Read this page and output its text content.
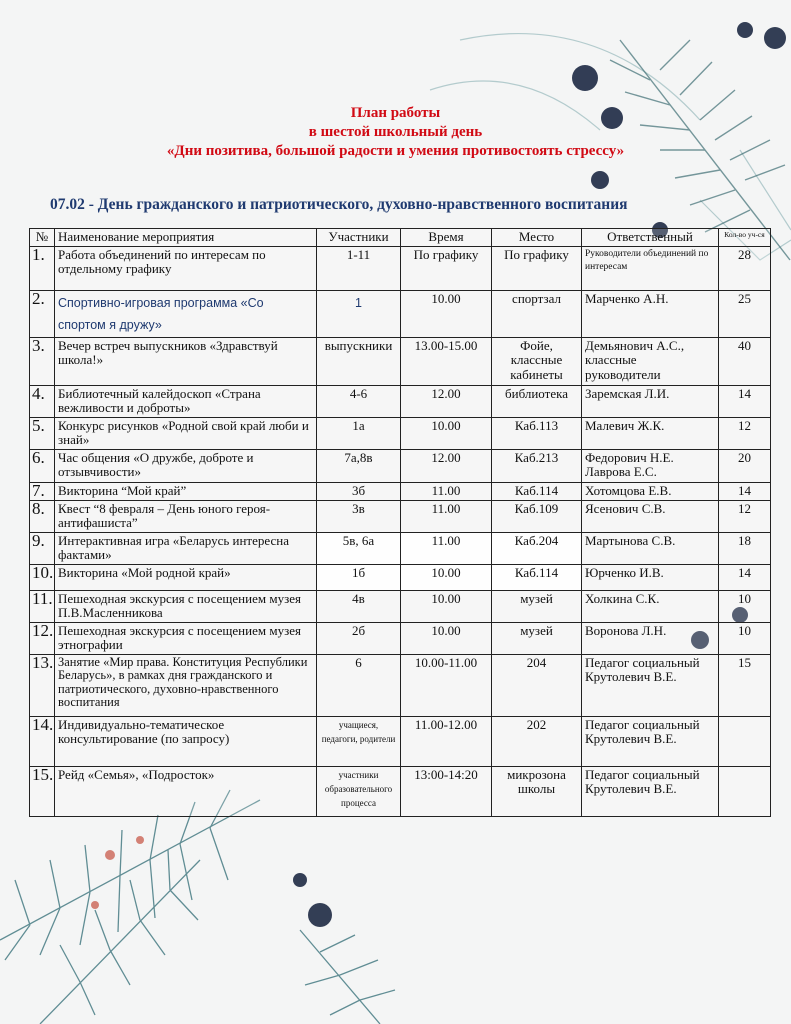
План работы
в шестой школьный день
«Дни позитива, большой радости и умения противостоять стрессу»
07.02 - День гражданского и патриотического, духовно-нравственного воспитания
№	Наименование мероприятия	Участники	Время	Место	Ответственный	Кол-во уч-ся
1.	Работа объединений по интересам по отдельному графику	1-11	По графику	По графику	Руководители объединений по интересам	28
2.	Спортивно-игровая программа «Со спортом я дружу»	1	10.00	спортзал	Марченко А.Н.	25
3.	Вечер встреч выпускников «Здравствуй школа!»	выпускники	13.00-15.00	Фойе, классные кабинеты	Демьянович А.С., классные руководители	40
4.	Библиотечный калейдоскоп «Страна вежливости и доброты»	4-6	12.00	библиотека	Заремская Л.И.	14
5.	Конкурс рисунков «Родной свой край люби и знай»	1а	10.00	Каб.113	Малевич Ж.К.	12
6.	Час общения «О дружбе, доброте и отзывчивости»	7а,8в	12.00	Каб.213	Федорович Н.Е. Лаврова Е.С.	20
7.	Викторина “Мой край”	3б	11.00	Каб.114	Хотомцова Е.В.	14
8.	Квест “8 февраля – День юного героя-антифашиста”	3в	11.00	Каб.109	Ясенович С.В.	12
9.	Интерактивная игра «Беларусь интересна фактами»	5в, 6а	11.00	Каб.204	Мартынова С.В.	18
10.	Викторина «Мой родной край»	1б	10.00	Каб.114	Юрченко И.В.	14
11.	Пешеходная экскурсия с посещением музея П.В.Масленникова	4в	10.00	музей	Холкина С.К.	10
12.	Пешеходная экскурсия с посещением музея этнографии	2б	10.00	музей	Воронова Л.Н.	10
13.	Занятие «Мир права. Конституция Республики Беларусь», в рамках дня гражданского и патриотического, духовно-нравственного воспитания	6	10.00-11.00	204	Педагог социальный Крутолевич В.Е.	15
14.	Индивидуально-тематическое консультирование (по запросу)	учащиеся, педагоги, родители	11.00-12.00	202	Педагог социальный Крутолевич В.Е.	
15.	Рейд «Семья», «Подросток»	участники образовательного процесса	13:00-14:20	микрозона школы	Педагог социальный Крутолевич В.Е.	
